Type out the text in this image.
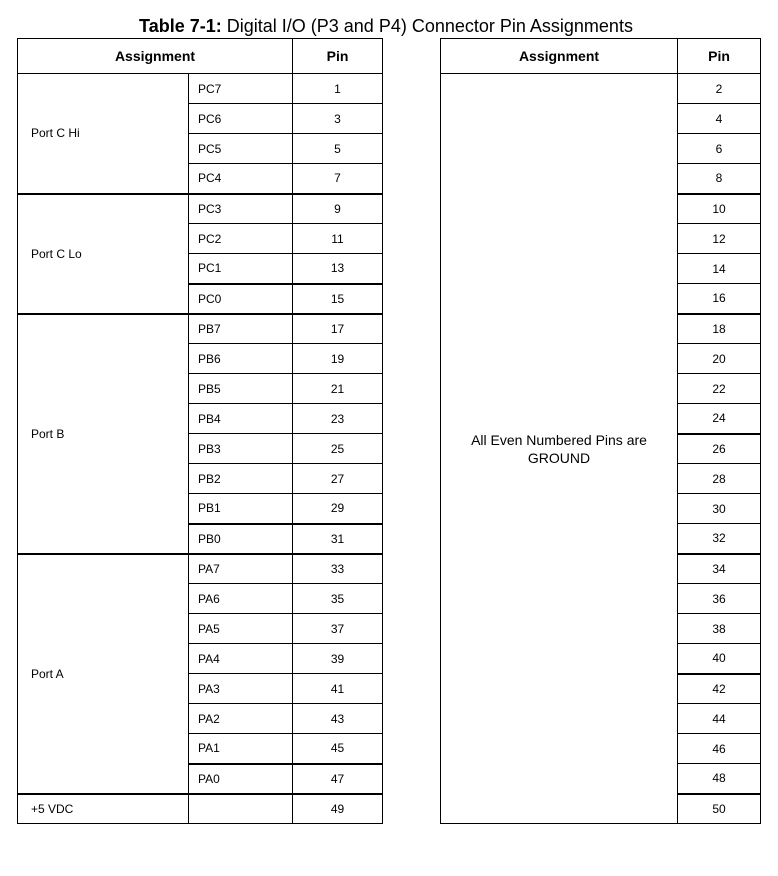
Table 7-1: Digital I/O (P3 and P4) Connector Pin Assignments
Assignment		Pin
Port C Hi	PC7	1
	PC6	3
	PC5	5
	PC4	7
Port C Lo	PC3	9
	PC2	11
	PC1	13
	PC0	15
Port B	PB7	17
	PB6	19
	PB5	21
	PB4	23
	PB3	25
	PB2	27
	PB1	29
	PB0	31
Port A	PA7	33
	PA6	35
	PA5	37
	PA4	39
	PA3	41
	PA2	43
	PA1	45
	PA0	47
+5 VDC		49
Assignment	Pin
All Even Numbered Pins are GROUND	2
	4
	6
	8
	10
	12
	14
	16
	18
	20
	22
	24
	26
	28
	30
	32
	34
	36
	38
	40
	42
	44
	46
	48
	50
